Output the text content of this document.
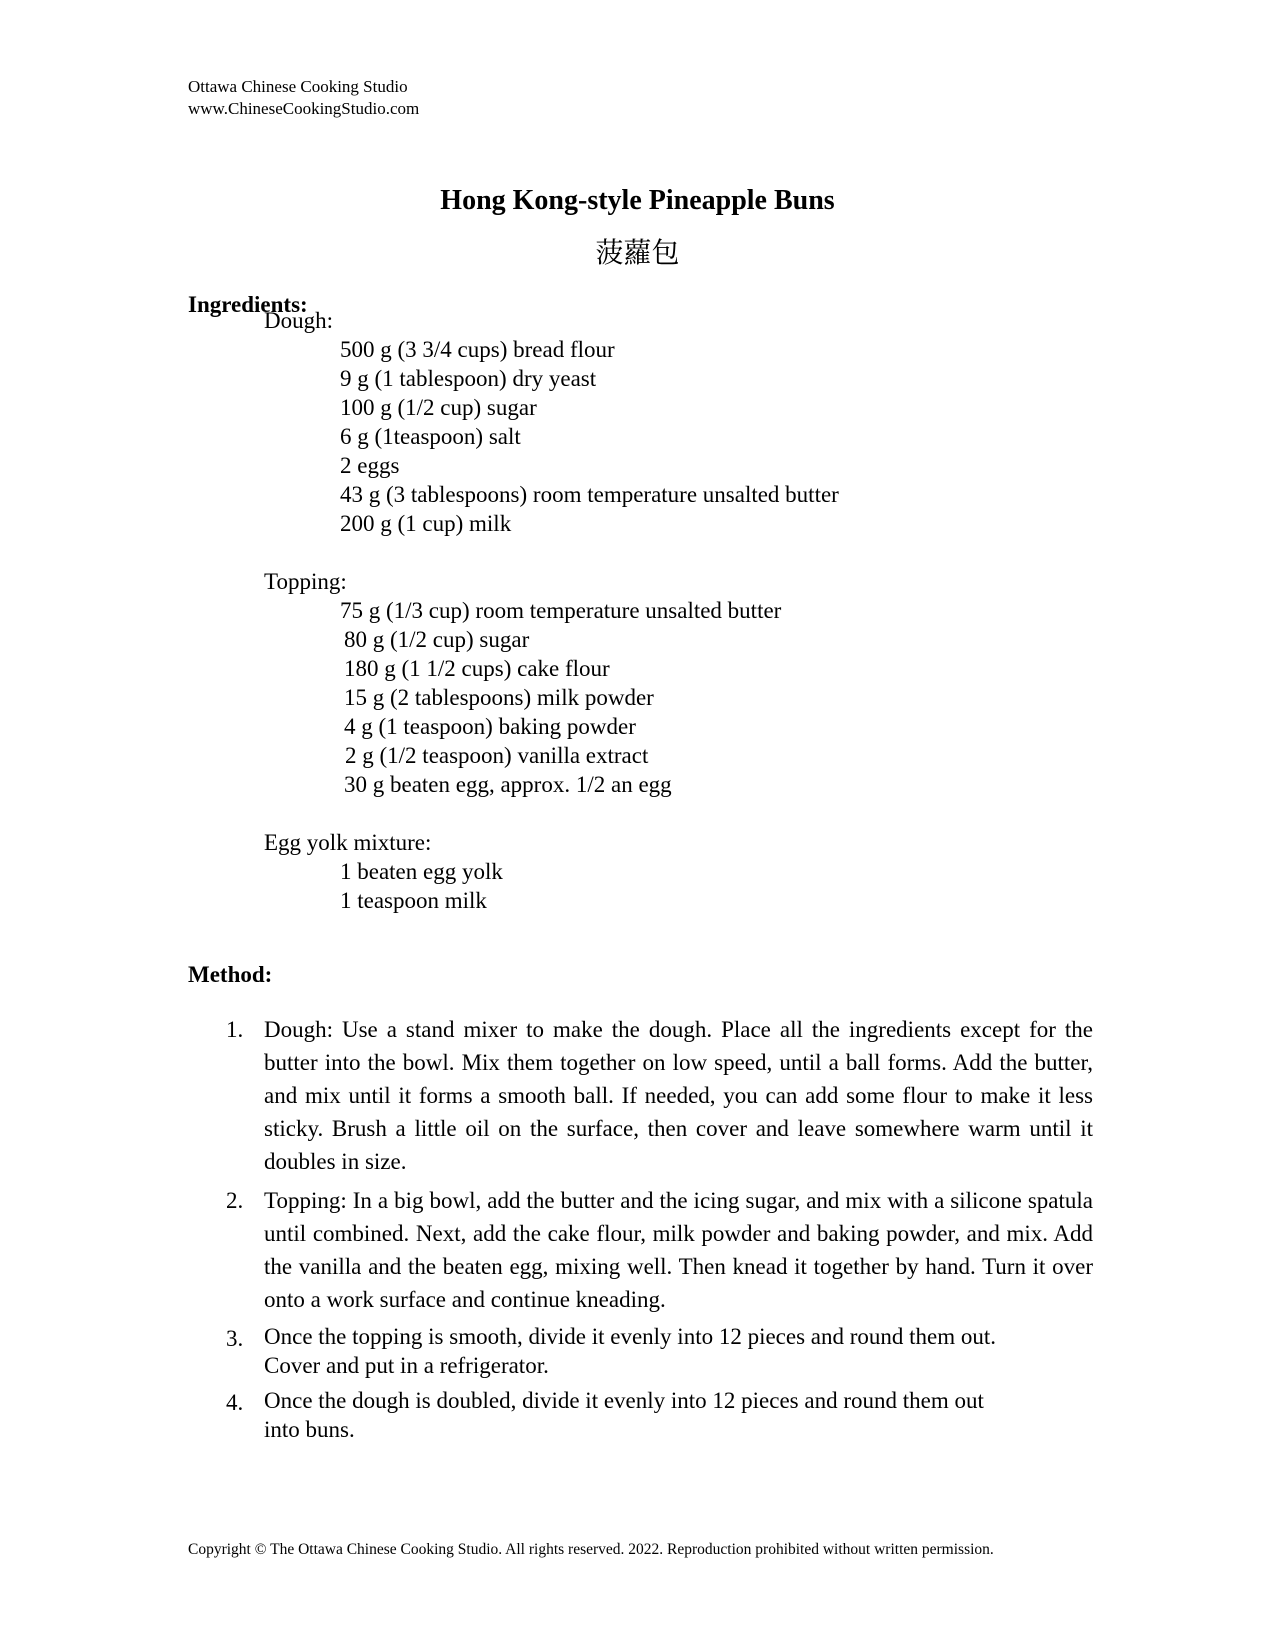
Ottawa Chinese Cooking Studio
www.ChineseCookingStudio.com
Hong Kong-style Pineapple Buns
菠蘿包
Ingredients:
Dough:
500 g (3 3/4 cups) bread flour
9 g (1 tablespoon) dry yeast
100 g (1/2 cup) sugar
6 g (1teaspoon) salt
2 eggs
43 g (3 tablespoons) room temperature unsalted butter
200 g (1 cup) milk
Topping:
75 g (1/3 cup) room temperature unsalted butter
80 g (1/2 cup) sugar
180 g (1 1/2 cups) cake flour
15 g (2 tablespoons) milk powder
4 g (1 teaspoon) baking powder
2 g (1/2 teaspoon) vanilla extract
30 g beaten egg, approx. 1/2 an egg
Egg yolk mixture:
1 beaten egg yolk
1 teaspoon milk
Method:
1. Dough: Use a stand mixer to make the dough. Place all the ingredients except for the butter into the bowl. Mix them together on low speed, until a ball forms. Add the butter, and mix until it forms a smooth ball. If needed, you can add some flour to make it less sticky. Brush a little oil on the surface, then cover and leave somewhere warm until it doubles in size.
2. Topping: In a big bowl, add the butter and the icing sugar, and mix with a silicone spatula until combined. Next, add the cake flour, milk powder and baking powder, and mix. Add the vanilla and the beaten egg, mixing well. Then knead it together by hand. Turn it over onto a work surface and continue kneading.
3. Once the topping is smooth, divide it evenly into 12 pieces and round them out. Cover and put in a refrigerator.
4. Once the dough is doubled, divide it evenly into 12 pieces and round them out into buns.
Copyright © The Ottawa Chinese Cooking Studio. All rights reserved. 2022. Reproduction prohibited without written permission.
